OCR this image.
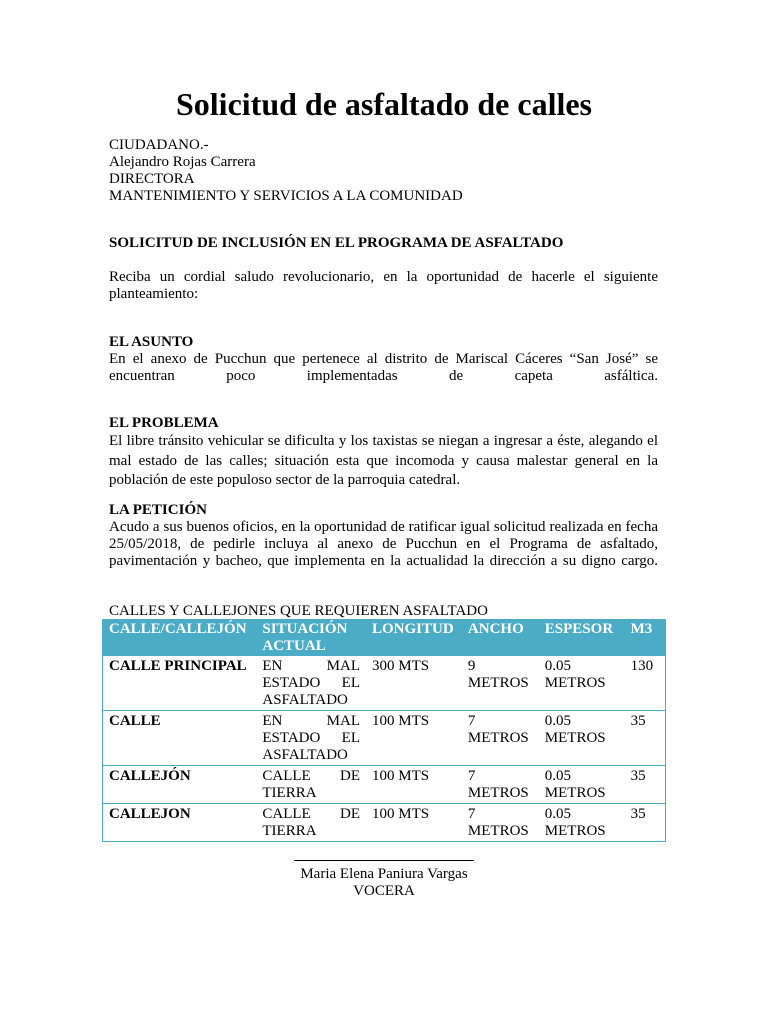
Solicitud de asfaltado de calles

CIUDADANO.-

Alejandro Rojas Carrera

DIRECTORA

MANTENIMIENTO Y SERVICIOS A LA COMUNIDAD

SOLICITUD DE INCLUSIÓN EN EL PROGRAMA DE ASFALTADO
Reciba un cordial saludo revolucionario, en la oportunidad de hacerle el siguiente planteamiento:

EL ASUNTO

En el anexo de Pucchun que pertenece al distrito de Mariscal Cáceres “San José” se encuentran poco implementadas de capeta asfáltica.

EL PROBLEMA

El libre tránsito vehicular se dificulta y los taxistas se niegan a ingresar a éste, alegando el mal estado de las calles; situación esta que incomoda y causa malestar general en la población de este populoso sector de la parroquia catedral.

LA PETICIÓN

Acudo a sus buenos oficios, en la oportunidad de ratificar igual solicitud realizada en fecha 25/05/2018, de pedirle incluya al anexo de Pucchun en el Programa de asfaltado, pavimentación y bacheo, que implementa en la actualidad la dirección a su digno cargo.

CALLES Y CALLEJONES QUE REQUIEREN ASFALTADO
CALLE/CALLEJÓN	SITUACIÓN ACTUAL	LONGITUD	ANCHO	ESPESOR	M3
CALLE PRINCIPAL	EN MAL ESTADO EL ASFALTADO	300 MTS	9 METROS	0.05 METROS	130
CALLE	EN MAL ESTADO EL ASFALTADO	100 MTS	7 METROS	0.05 METROS	35
CALLEJÓN	CALLE DE TIERRA	100 MTS	7 METROS	0.05 METROS	35
CALLEJON	CALLE DE TIERRA	100 MTS	7 METROS	0.05 METROS	35
Maria Elena Paniura Vargas
VOCERA
